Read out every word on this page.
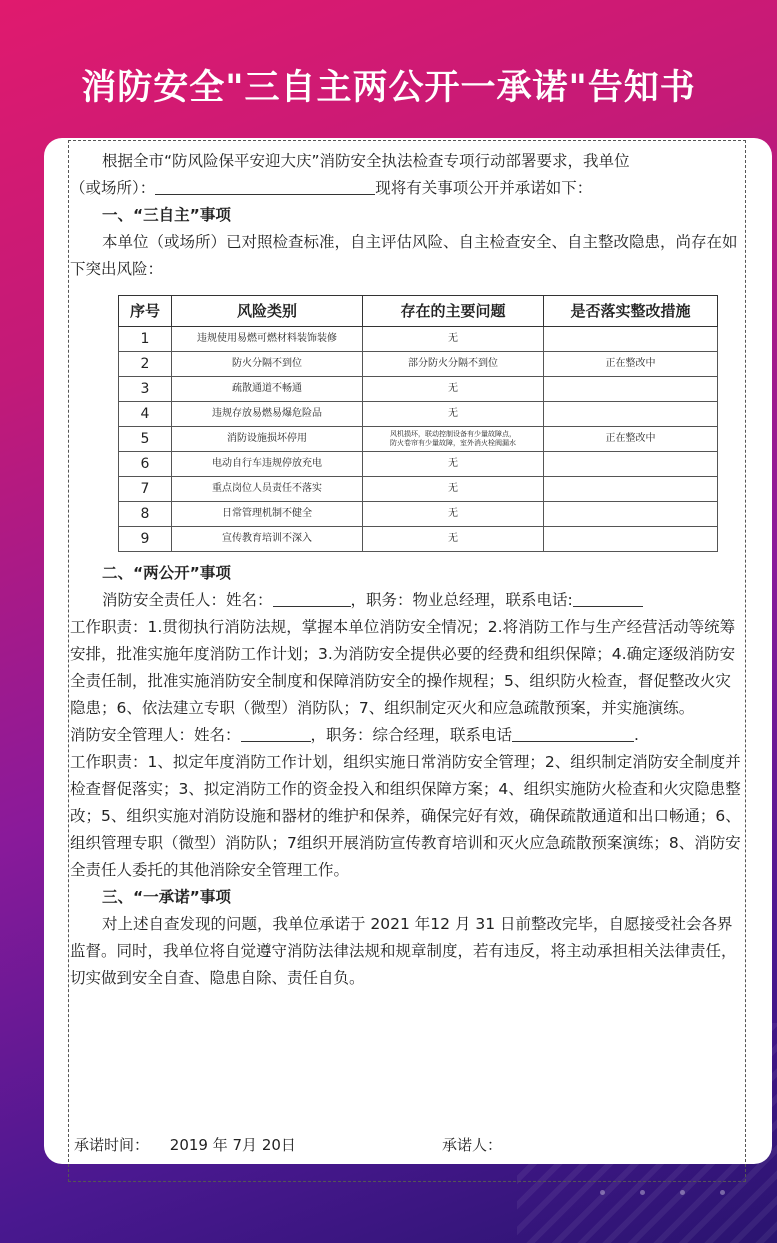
消防安全"三自主两公开一承诺"告知书

根据全市“防风险保平安迎大庆”消防安全执法检查专项行动部署要求，我单位

（或场所）：	现将有关事项公开并承诺如下：

一、“三自主”事项

本单位（或场所）已对照检查标准，自主评估风险、自主检查安全、自主整改隐患，尚存在如下突出风险：

序号	风险类别	存在的主要问题	是否落实整改措施
1	违规使用易燃可燃材料装饰装修	无	
2	防火分隔不到位	部分防火分隔不到位	正在整改中
3	疏散通道不畅通	无	
4	违规存放易燃易爆危险品	无	
5	消防设施损坏停用	风机损坏，联动控制设备有少量故障点，
防火卷帘有少量故障，室外消火栓阀漏水	正在整改中
6	电动自行车违规停放充电	无	
7	重点岗位人员责任不落实	无	
8	日常管理机制不健全	无	
9	宣传教育培训不深入	无	

二、“两公开”事项

消防安全责任人：姓名：	，职务：物业总经理，联系电话:

工作职责：1.贯彻执行消防法规，掌握本单位消防安全情况；2.将消防工作与生产经营活动等统筹安排，批准实施年度消防工作计划；3.为消防安全提供必要的经费和组织保障；4.确定逐级消防安全责任制，批准实施消防安全制度和保障消防安全的操作规程；5、组织防火检查，督促整改火灾隐患；6、依法建立专职（微型）消防队；7、组织制定灭火和应急疏散预案，并实施演练。

消防安全管理人：姓名：	，职务：综合经理，联系电话	.

工作职责：1、拟定年度消防工作计划，组织实施日常消防安全管理；2、组织制定消防安全制度并检查督促落实；3、拟定消防工作的资金投入和组织保障方案；4、组织实施防火检查和火灾隐患整改；5、组织实施对消防设施和器材的维护和保养，确保完好有效，确保疏散通道和出口畅通；6、组织管理专职（微型）消防队；7组织开展消防宣传教育培训和灭火应急疏散预案演练；8、消防安全责任人委托的其他消除安全管理工作。

三、“一承诺”事项

对上述自查发现的问题，我单位承诺于 2021 年12 月 31 日前整改完毕，自愿接受社会各界监督。同时，我单位将自觉遵守消防法律法规和规章制度，若有违反，将主动承担相关法律责任，切实做到安全自查、隐患自除、责任自负。

承诺时间： 2019 年 7月 20日	承诺人：
